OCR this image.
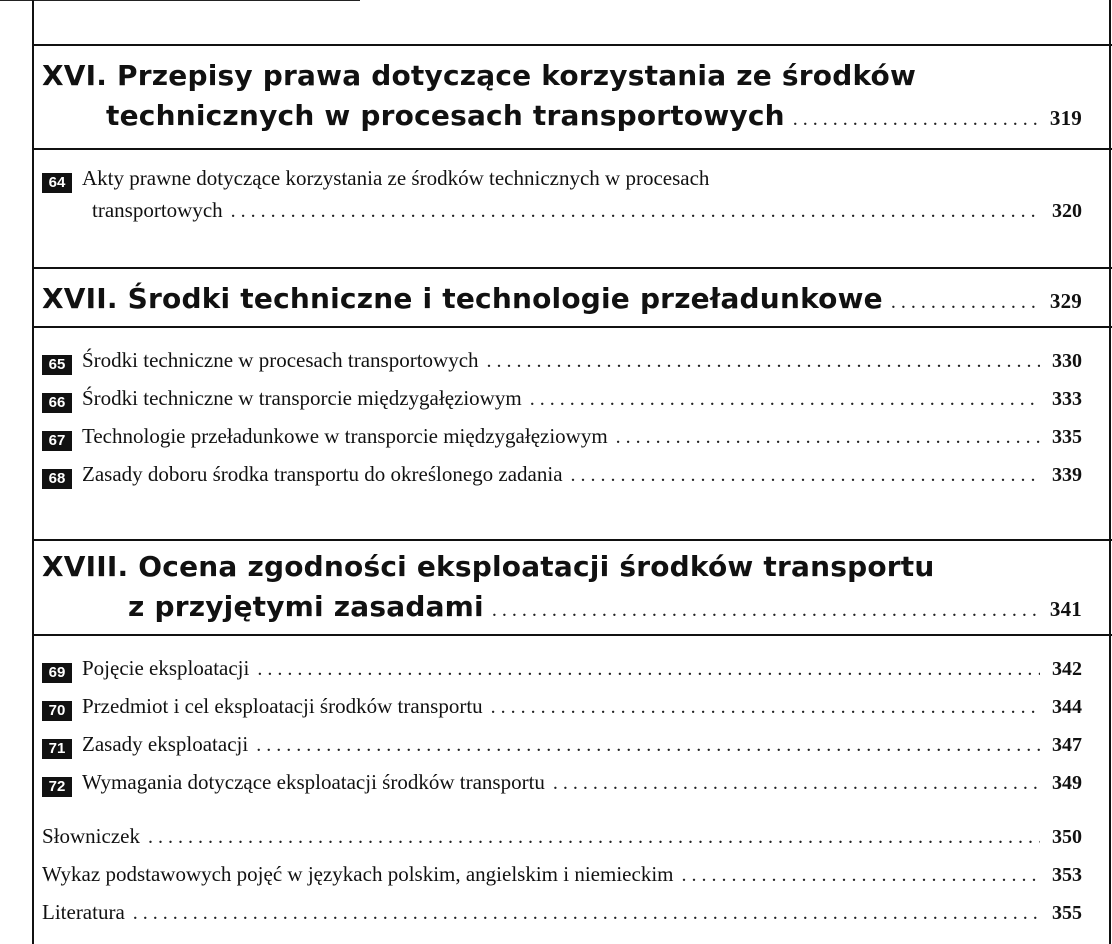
XVI. Przepisy prawa dotyczące korzystania ze środków
technicznych w procesach transportowych . . .	319
64 Akty prawne dotyczące korzystania ze środków technicznych w procesach
transportowych . . .	320
XVII. Środki techniczne i technologie przeładunkowe . . .	329
65 Środki techniczne w procesach transportowych . . .	330
66 Środki techniczne w transporcie międzygałęziowym . . .	333
67 Technologie przeładunkowe w transporcie międzygałęziowym . . .	335
68 Zasady doboru środka transportu do określonego zadania . . .	339
XVIII. Ocena zgodności eksploatacji środków transportu
z przyjętymi zasadami . . .	341
69 Pojęcie eksploatacji . . .	342
70 Przedmiot i cel eksploatacji środków transportu . . .	344
71 Zasady eksploatacji . . .	347
72 Wymagania dotyczące eksploatacji środków transportu . . .	349
Słowniczek . . .	350
Wykaz podstawowych pojęć w językach polskim, angielskim i niemieckim . . .	353
Literatura . . .	355
